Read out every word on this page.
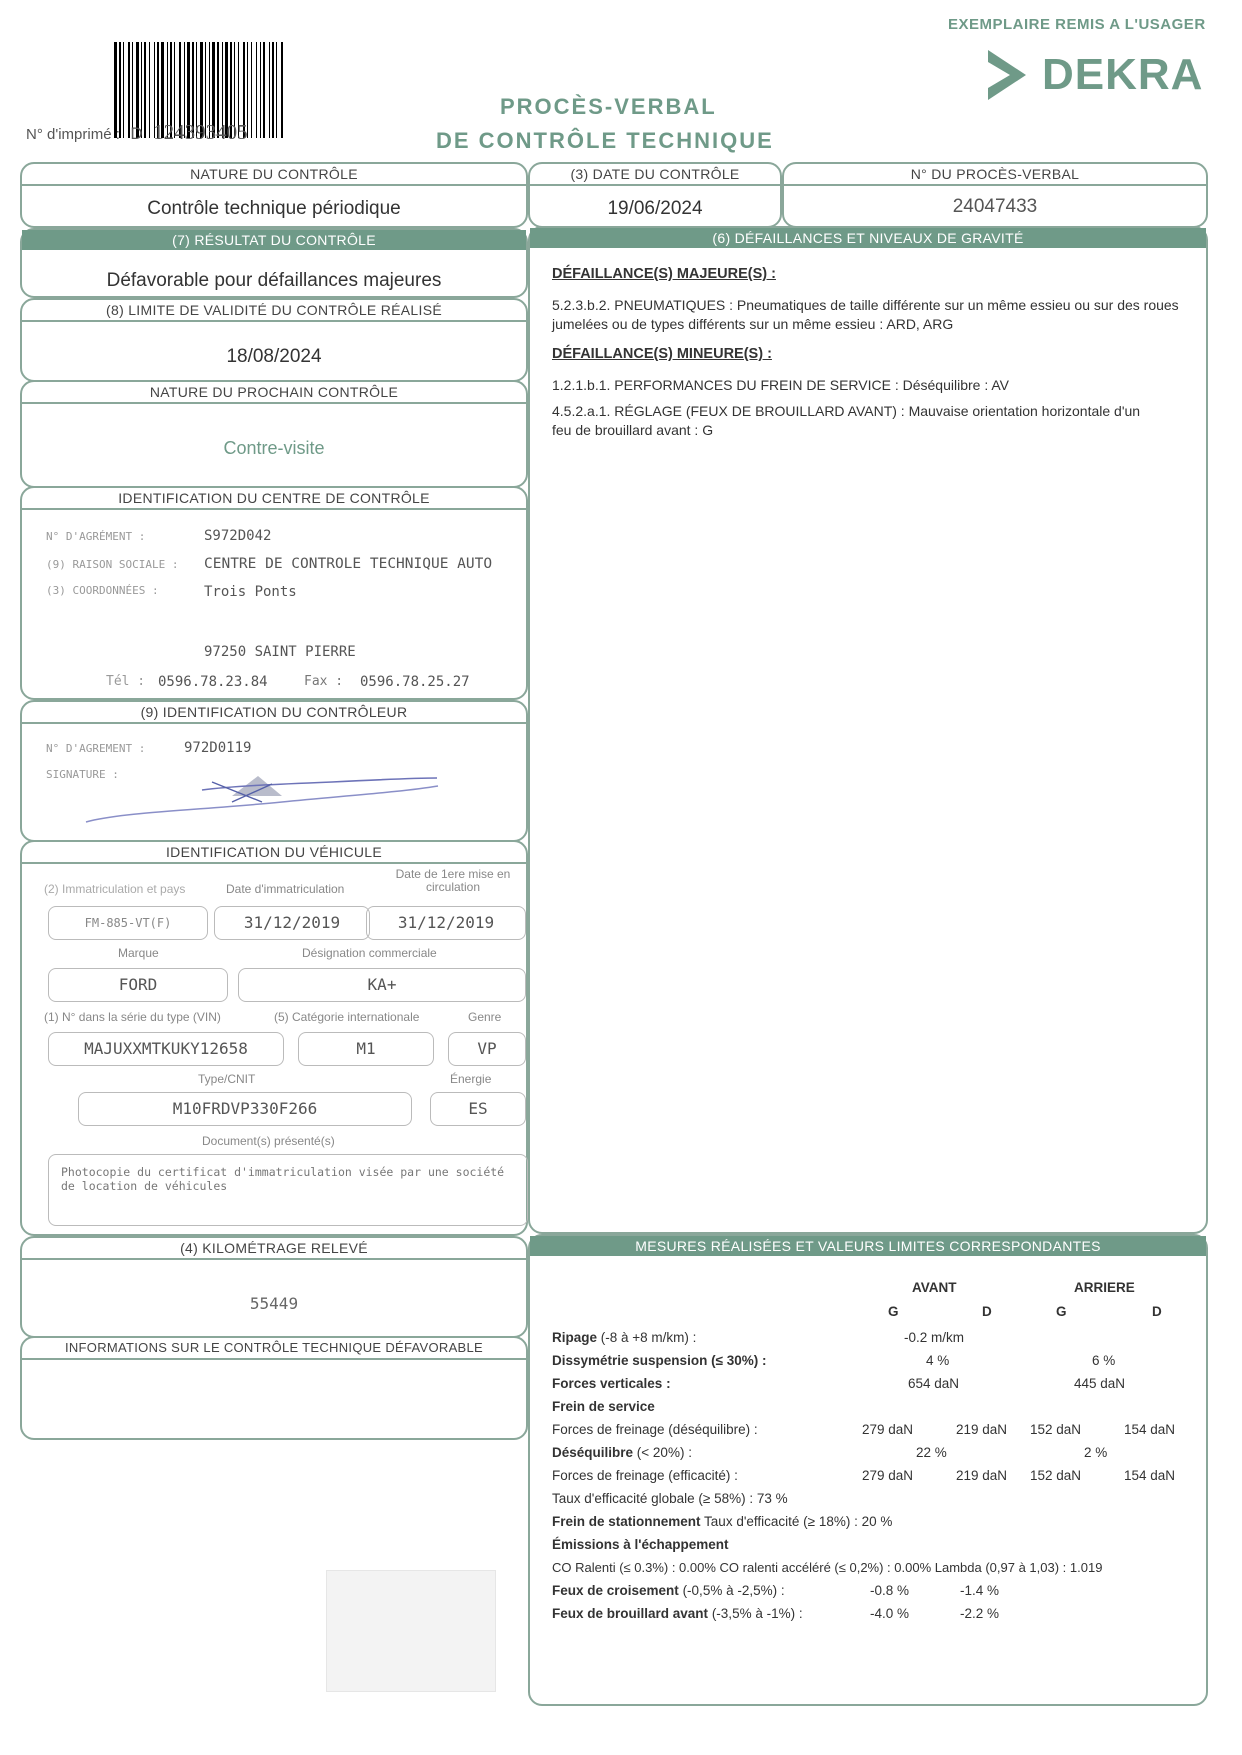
EXEMPLAIRE REMIS A L'USAGER
DEKRA
N° d'imprimé : D 124393405
PROCÈS-VERBAL
DE CONTRÔLE TECHNIQUE
NATURE DU CONTRÔLE
Contrôle technique périodique
(3) DATE DU CONTRÔLE
19/06/2024
N° DU PROCÈS-VERBAL
24047433
(7) RÉSULTAT DU CONTRÔLE
Défavorable pour défaillances majeures
(8) LIMITE DE VALIDITÉ DU CONTRÔLE RÉALISÉ
18/08/2024
NATURE DU PROCHAIN CONTRÔLE
Contre-visite
IDENTIFICATION DU CENTRE DE CONTRÔLE
N° D'AGRÉMENT :	S972D042
(9) RAISON SOCIALE : CENTRE DE CONTROLE TECHNIQUE AUTO
(3) COORDONNÉES :	Trois Ponts
97250 SAINT PIERRE
Tél : 0596.78.23.84	Fax : 0596.78.25.27
(9) IDENTIFICATION DU CONTRÔLEUR
N° D'AGREMENT :	972D0119
SIGNATURE :
IDENTIFICATION DU VÉHICULE
(2) Immatriculation et pays	Date d'immatriculation
Date de 1ere mise en circulation
FM-885-VT(F)	31/12/2019	31/12/2019
Marque	Désignation commerciale
FORD	KA+
(1) N° dans la série du type (VIN)	(5) Catégorie internationale	Genre
MAJUXXMTKUKY12658	M1	VP
Type/CNIT	Énergie
M10FRDVP330F266	ES
Document(s) présenté(s)
Photocopie du certificat d'immatriculation visée par une société de location de véhicules
(4) KILOMÉTRAGE RELEVÉ
55449
INFORMATIONS SUR LE CONTRÔLE TECHNIQUE DÉFAVORABLE
(6) DÉFAILLANCES ET NIVEAUX DE GRAVITÉ
DÉFAILLANCE(S) MAJEURE(S) :
5.2.3.b.2. PNEUMATIQUES : Pneumatiques de taille différente sur un même essieu ou sur des roues jumelées ou de types différents sur un même essieu : ARD, ARG
DÉFAILLANCE(S) MINEURE(S) :
1.2.1.b.1. PERFORMANCES DU FREIN DE SERVICE : Déséquilibre : AV
4.5.2.a.1. RÉGLAGE (FEUX DE BROUILLARD AVANT) : Mauvaise orientation horizontale d'un feu de brouillard avant : G
MESURES RÉALISÉES ET VALEURS LIMITES CORRESPONDANTES
AVANT	ARRIERE
G	D	G	D
Ripage (-8 à +8 m/km) :	-0.2 m/km
Dissymétrie suspension (≤ 30%) :	4 %	6 %
Forces verticales :	654 daN	445 daN
Frein de service
Forces de freinage (déséquilibre) :	279 daN	219 daN 152 daN	154 daN
Déséquilibre (< 20%) :	22 %	2 %
Forces de freinage (efficacité) :	279 daN	219 daN 152 daN	154 daN
Taux d'efficacité globale (≥ 58%) : 73 %
Frein de stationnement Taux d'efficacité (≥ 18%) : 20 %
Émissions à l'échappement
CO Ralenti (≤ 0.3%) : 0.00% CO ralenti accéléré (≤ 0,2%) : 0.00% Lambda (0,97 à 1,03) : 1.019
Feux de croisement (-0,5% à -2,5%) :	-0.8 %	-1.4 %
Feux de brouillard avant (-3,5% à -1%) :	-4.0 %	-2.2 %
